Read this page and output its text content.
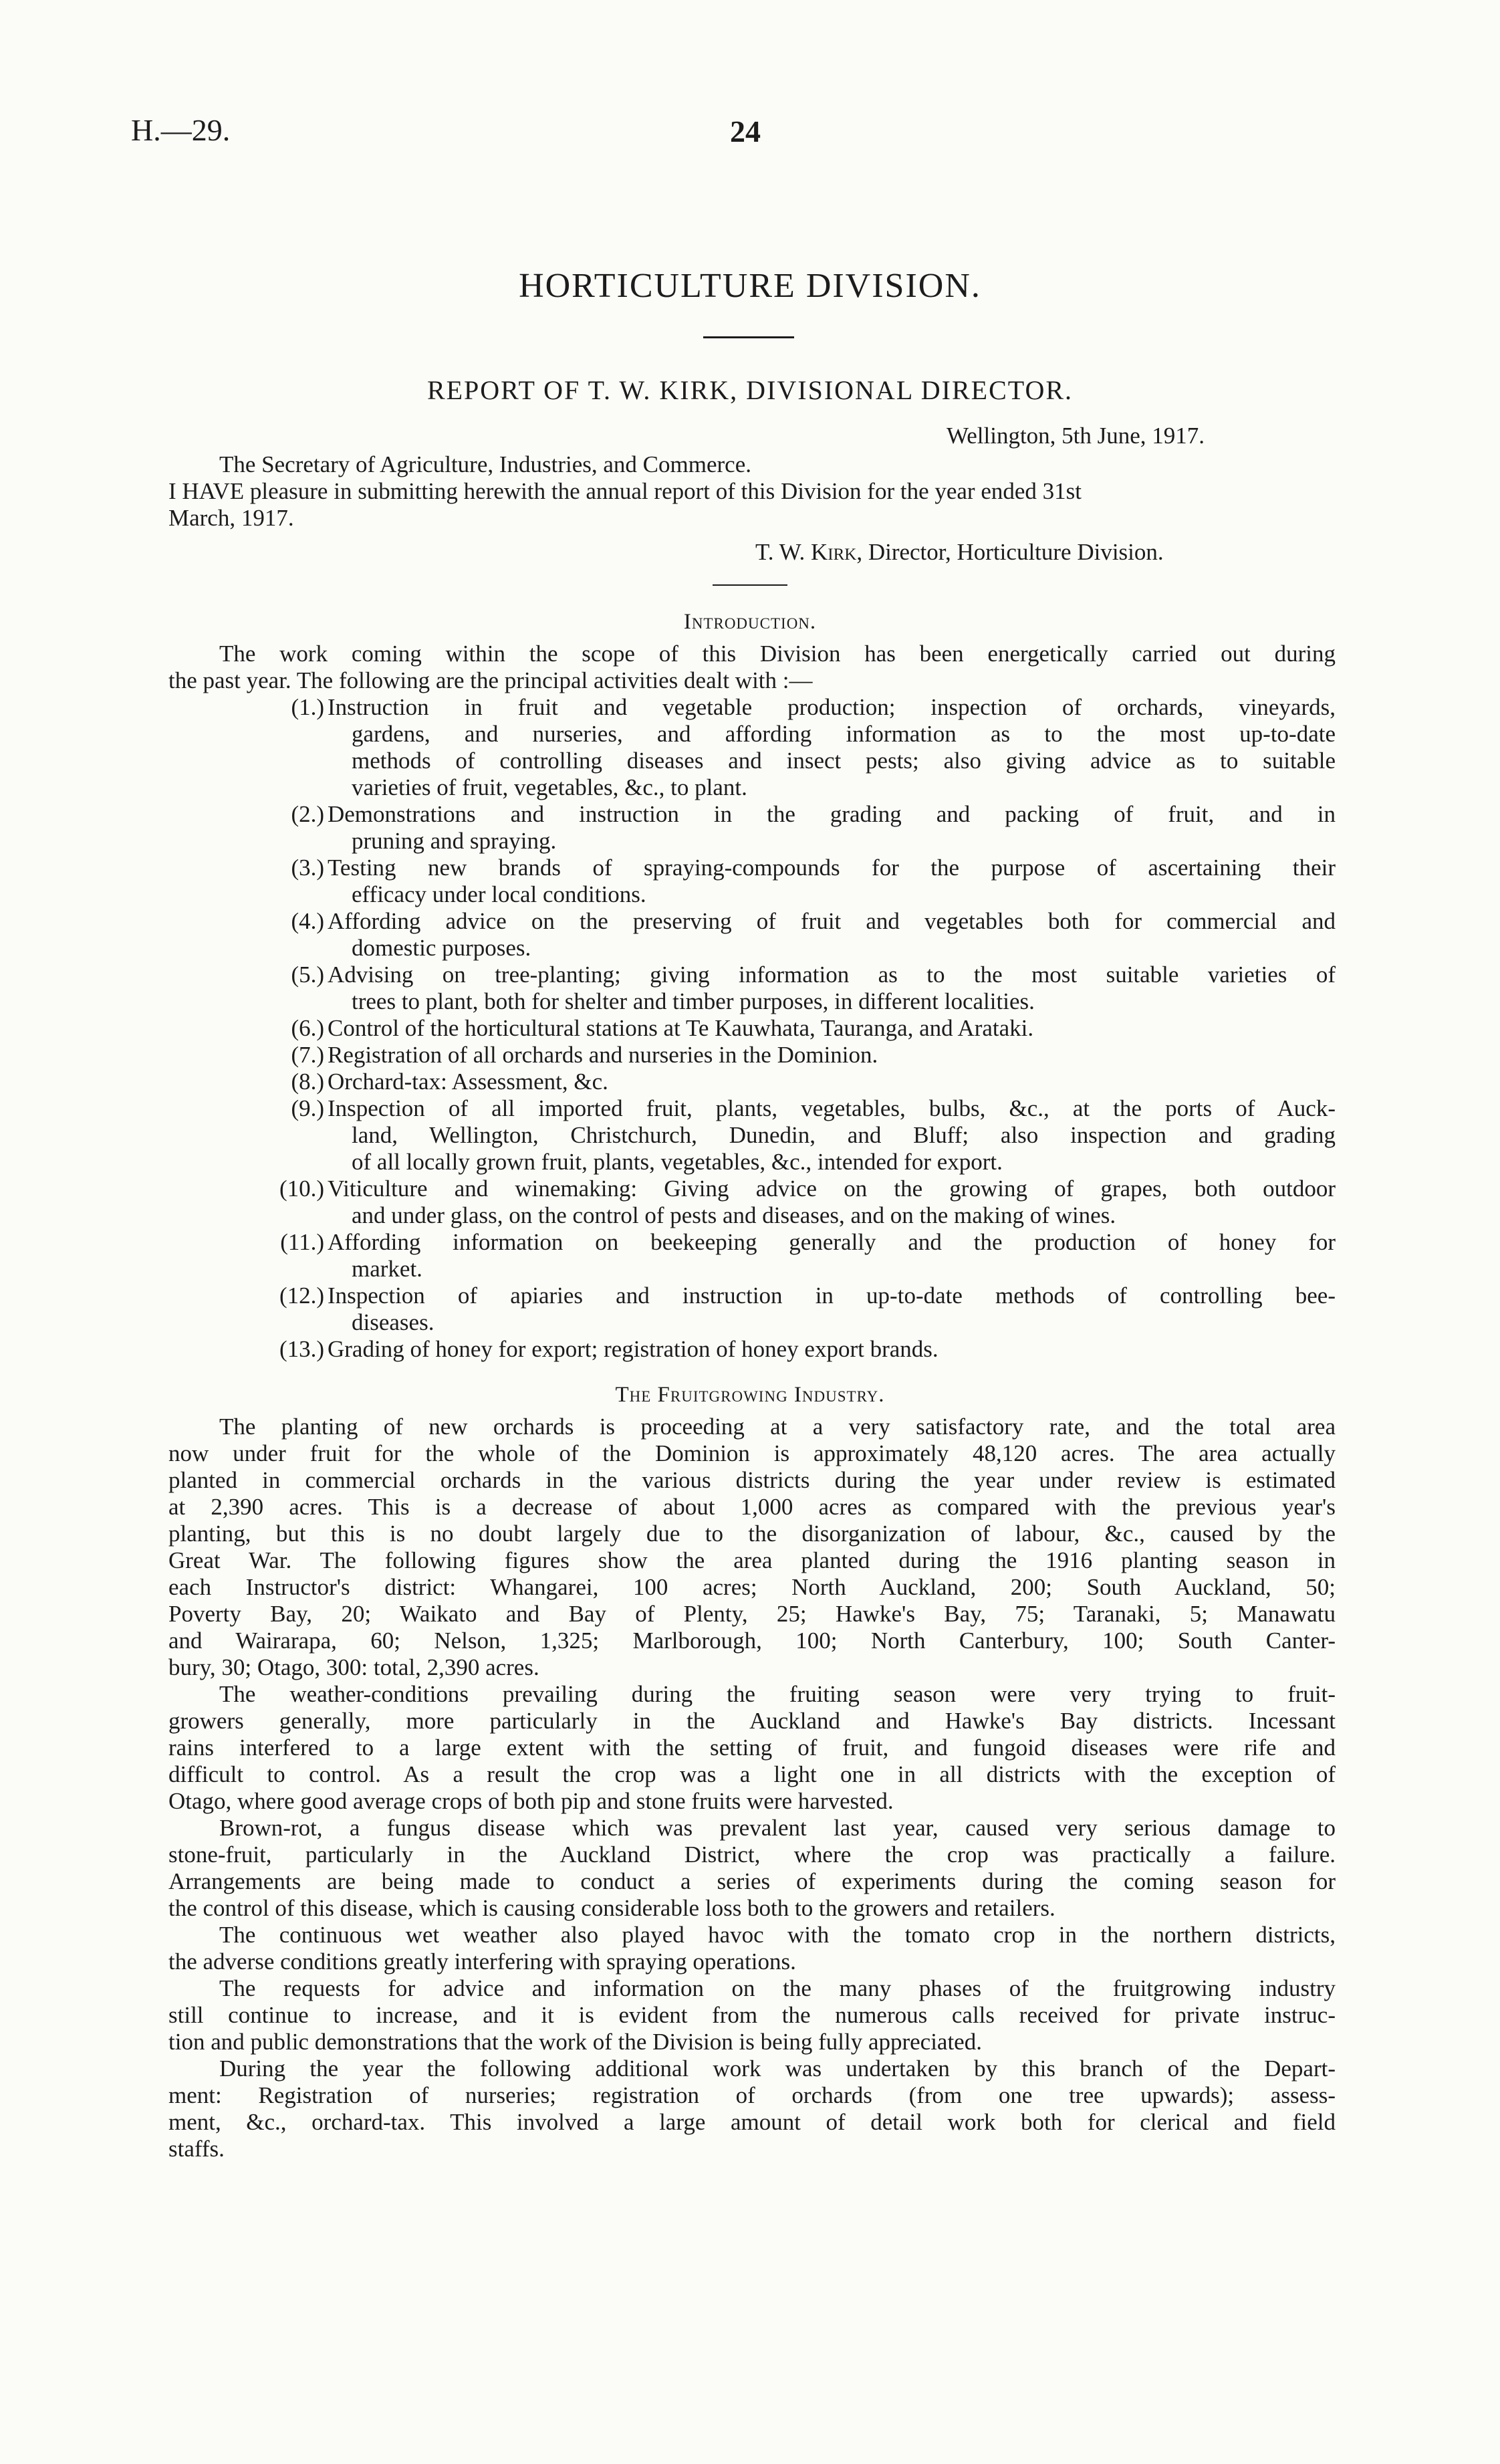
H.—29.	24
HORTICULTURE DIVISION.
REPORT OF T. W. KIRK, DIVISIONAL DIRECTOR.
Wellington, 5th June, 1917.
The Secretary of Agriculture, Industries, and Commerce.
I HAVE pleasure in submitting herewith the annual report of this Division for the year ended 31st
March, 1917.
T. W. Kirk, Director, Horticulture Division.
Introduction.
The work coming within the scope of this Division has been energetically carried out during
the past year. The following are the principal activities dealt with :—
(1.) Instruction in fruit and vegetable production; inspection of orchards, vineyards,
gardens, and nurseries, and affording information as to the most up-to-date
methods of controlling diseases and insect pests; also giving advice as to suitable
varieties of fruit, vegetables, &c., to plant.
(2.) Demonstrations and instruction in the grading and packing of fruit, and in
pruning and spraying.
(3.) Testing new brands of spraying-compounds for the purpose of ascertaining their
efficacy under local conditions.
(4.) Affording advice on the preserving of fruit and vegetables both for commercial and
domestic purposes.
(5.) Advising on tree-planting; giving information as to the most suitable varieties of
trees to plant, both for shelter and timber purposes, in different localities.
(6.) Control of the horticultural stations at Te Kauwhata, Tauranga, and Arataki.
(7.) Registration of all orchards and nurseries in the Dominion.
(8.) Orchard-tax: Assessment, &c.
(9.) Inspection of all imported fruit, plants, vegetables, bulbs, &c., at the ports of Auck-
land, Wellington, Christchurch, Dunedin, and Bluff; also inspection and grading
of all locally grown fruit, plants, vegetables, &c., intended for export.
(10.) Viticulture and winemaking: Giving advice on the growing of grapes, both outdoor
and under glass, on the control of pests and diseases, and on the making of wines.
(11.) Affording information on beekeeping generally and the production of honey for
market.
(12.) Inspection of apiaries and instruction in up-to-date methods of controlling bee-
diseases.
(13.) Grading of honey for export; registration of honey export brands.
The Fruitgrowing Industry.
The planting of new orchards is proceeding at a very satisfactory rate, and the total area
now under fruit for the whole of the Dominion is approximately 48,120 acres. The area actually
planted in commercial orchards in the various districts during the year under review is estimated
at 2,390 acres. This is a decrease of about 1,000 acres as compared with the previous year's
planting, but this is no doubt largely due to the disorganization of labour, &c., caused by the
Great War. The following figures show the area planted during the 1916 planting season in
each Instructor's district: Whangarei, 100 acres; North Auckland, 200; South Auckland, 50;
Poverty Bay, 20; Waikato and Bay of Plenty, 25; Hawke's Bay, 75; Taranaki, 5; Manawatu
and Wairarapa, 60; Nelson, 1,325; Marlborough, 100; North Canterbury, 100; South Canter-
bury, 30; Otago, 300: total, 2,390 acres.
The weather-conditions prevailing during the fruiting season were very trying to fruit-
growers generally, more particularly in the Auckland and Hawke's Bay districts. Incessant
rains interfered to a large extent with the setting of fruit, and fungoid diseases were rife and
difficult to control. As a result the crop was a light one in all districts with the exception of
Otago, where good average crops of both pip and stone fruits were harvested.
Brown-rot, a fungus disease which was prevalent last year, caused very serious damage to
stone-fruit, particularly in the Auckland District, where the crop was practically a failure.
Arrangements are being made to conduct a series of experiments during the coming season for
the control of this disease, which is causing considerable loss both to the growers and retailers.
The continuous wet weather also played havoc with the tomato crop in the northern districts,
the adverse conditions greatly interfering with spraying operations.
The requests for advice and information on the many phases of the fruitgrowing industry
still continue to increase, and it is evident from the numerous calls received for private instruc-
tion and public demonstrations that the work of the Division is being fully appreciated.
During the year the following additional work was undertaken by this branch of the Depart-
ment: Registration of nurseries; registration of orchards (from one tree upwards); assess-
ment, &c., orchard-tax. This involved a large amount of detail work both for clerical and field
staffs.
